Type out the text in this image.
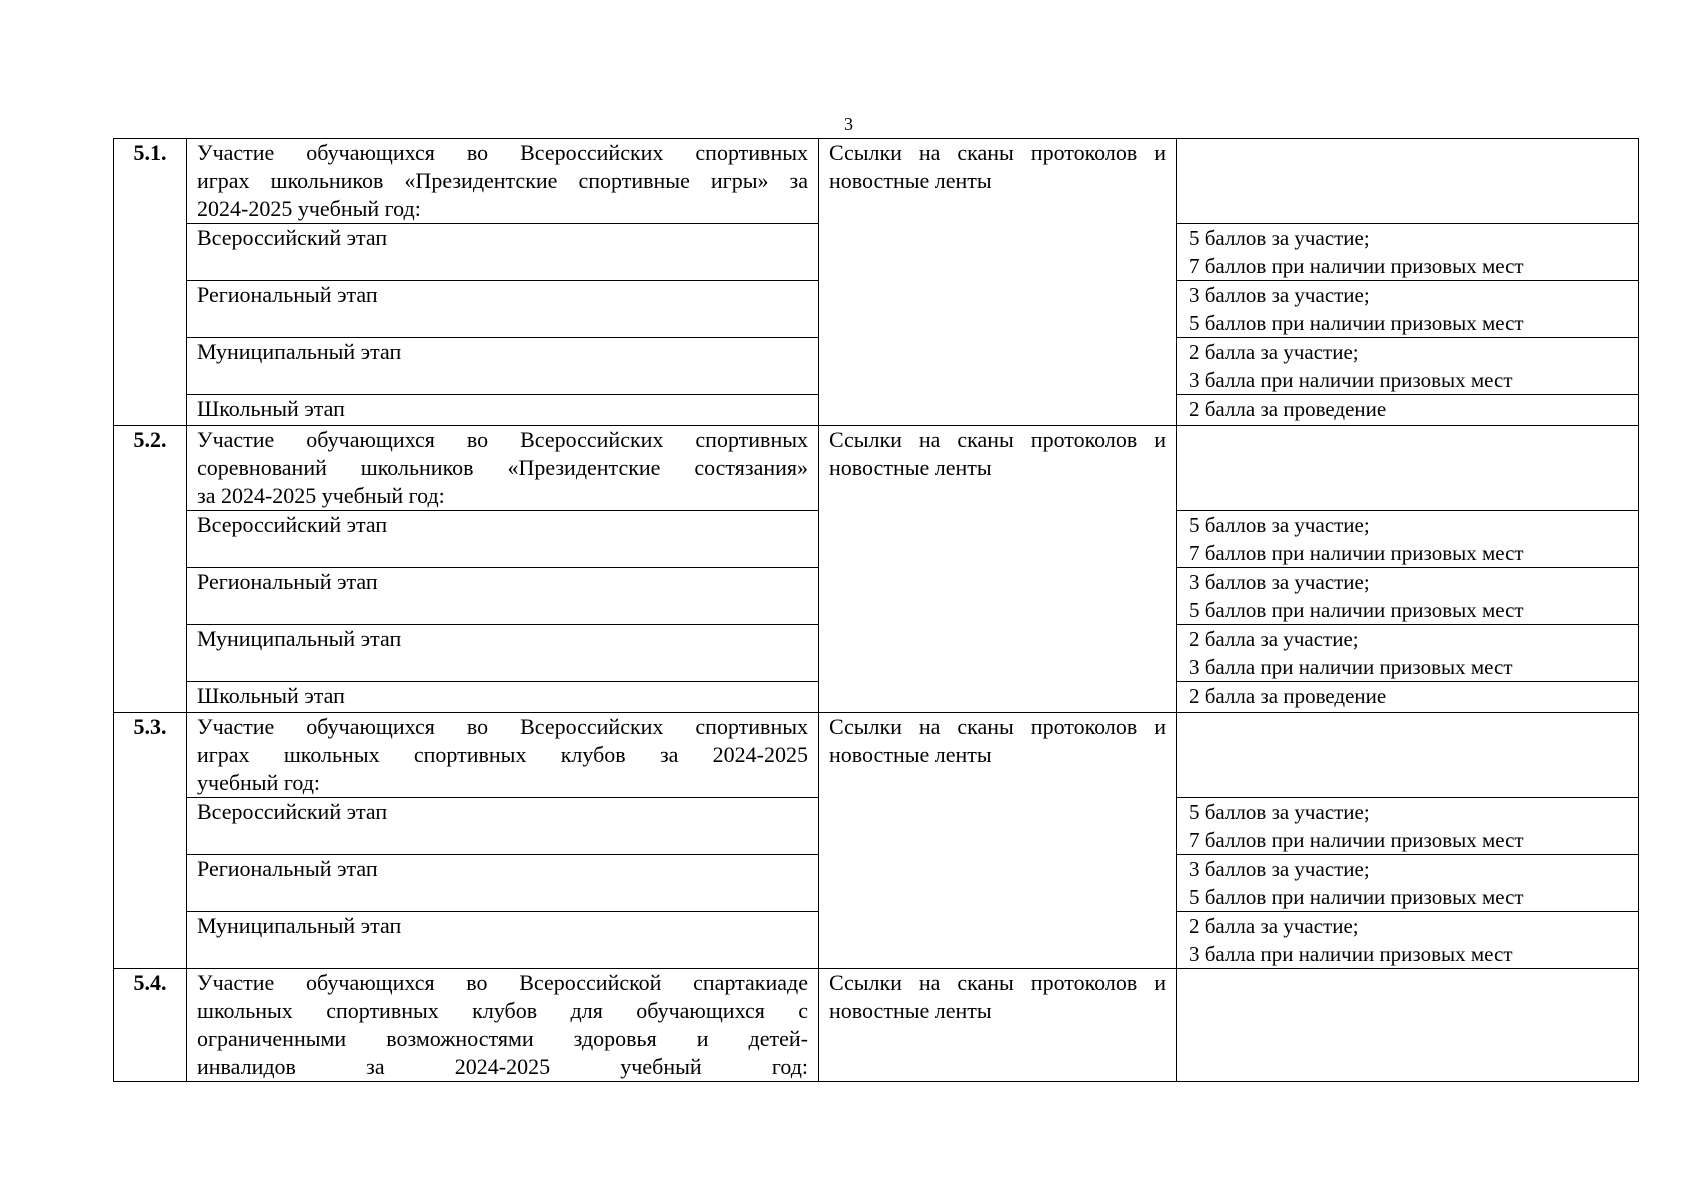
3
5.1.	Участие обучающихся во Всероссийских спортивных
играх школьников «Президентские спортивные игры» за
2024-2025 учебный год:	Ссылки на сканы протоколов и
новостные ленты	

	Всероссийский этап		5 баллов за участие;
7 баллов при наличии призовых мест

	Региональный этап		3 баллов за участие;
5 баллов при наличии призовых мест

	Муниципальный этап		2 балла за участие;
3 балла при наличии призовых мест

	Школьный этап		2 балла за проведение

5.2.	Участие обучающихся во Всероссийских спортивных
соревнований школьников «Президентские состязания»
за 2024-2025 учебный год:	Ссылки на сканы протоколов и
новостные ленты	

	Всероссийский этап		5 баллов за участие;
7 баллов при наличии призовых мест

	Региональный этап		3 баллов за участие;
5 баллов при наличии призовых мест

	Муниципальный этап		2 балла за участие;
3 балла при наличии призовых мест

	Школьный этап		2 балла за проведение

5.3.	Участие обучающихся во Всероссийских спортивных
играх школьных спортивных клубов за 2024-2025
учебный год:	Ссылки на сканы протоколов и
новостные ленты	

	Всероссийский этап		5 баллов за участие;
7 баллов при наличии призовых мест

	Региональный этап		3 баллов за участие;
5 баллов при наличии призовых мест

	Муниципальный этап		2 балла за участие;
3 балла при наличии призовых мест

5.4.	Участие обучающихся во Всероссийской спартакиаде
школьных спортивных клубов для обучающихся с
ограниченными возможностями здоровья и детей-
инвалидов за 2024-2025 учебный год:	Ссылки на сканы протоколов и
новостные ленты	
